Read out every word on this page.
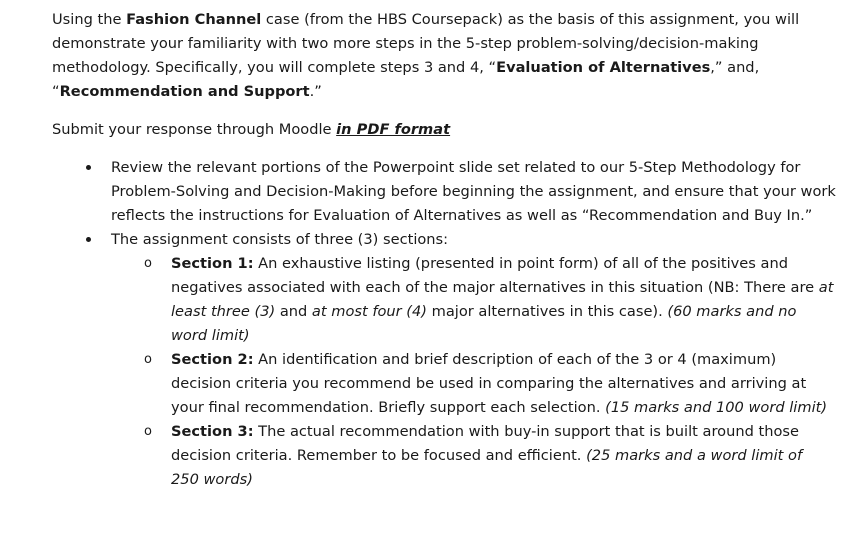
Using the Fashion Channel case (from the HBS Coursepack) as the basis of this assignment, you will demonstrate your familiarity with two more steps in the 5-step problem-solving/decision-making methodology. Specifically, you will complete steps 3 and 4, “Evaluation of Alternatives,” and, “Recommendation and Support.”

Submit your response through Moodle in PDF format

Review the relevant portions of the Powerpoint slide set related to our 5-Step Methodology for Problem-Solving and Decision-Making before beginning the assignment, and ensure that your work reflects the instructions for Evaluation of Alternatives as well as “Recommendation and Buy In.”
The assignment consists of three (3) sections:
o Section 1: An exhaustive listing (presented in point form) of all of the positives and negatives associated with each of the major alternatives in this situation (NB: There are at least three (3) and at most four (4) major alternatives in this case). (60 marks and no word limit)
o Section 2: An identification and brief description of each of the 3 or 4 (maximum) decision criteria you recommend be used in comparing the alternatives and arriving at your final recommendation. Briefly support each selection. (15 marks and 100 word limit)
o Section 3: The actual recommendation with buy-in support that is built around those decision criteria. Remember to be focused and efficient. (25 marks and a word limit of 250 words)
